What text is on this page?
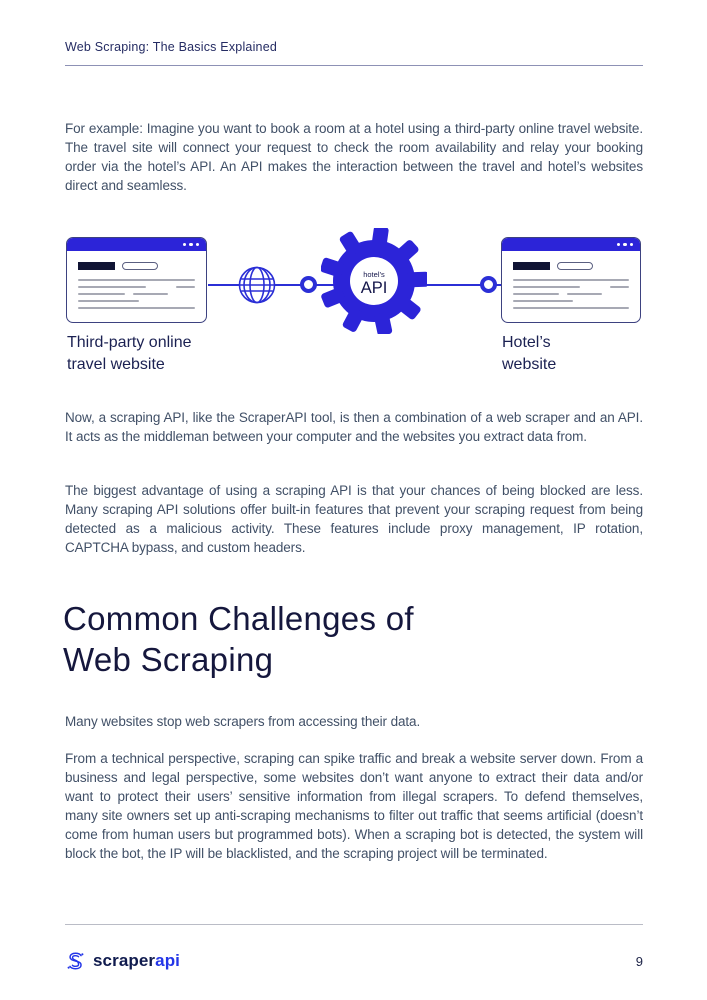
Web Scraping: The Basics Explained

For example: Imagine you want to book a room at a hotel using a third-party online travel website. The travel site will connect your request to check the room availability and relay your booking order via the hotel’s API. An API makes the interaction between the travel and hotel’s websites direct and seamless.

hotel’s
API
Third-party online
travel website
Hotel’s
website

Now, a scraping API, like the ScraperAPI tool, is then a combination of a web scraper and an API. It acts as the middleman between your computer and the websites you extract data from.

The biggest advantage of using a scraping API is that your chances of being blocked are less. Many scraping API solutions offer built-in features that prevent your scraping request from being detected as a malicious activity. These features include proxy management, IP rotation, CAPTCHA bypass, and custom headers.

Common Challenges of
Web Scraping

Many websites stop web scrapers from accessing their data.

From a technical perspective, scraping can spike traffic and break a website server down. From a business and legal perspective, some websites don’t want anyone to extract their data and/or want to protect their users’ sensitive information from illegal scrapers. To defend themselves, many site owners set up anti-scraping mechanisms to filter out traffic that seems artificial (doesn’t come from human users but programmed bots). When a scraping bot is detected, the system will block the bot, the IP will be blacklisted, and the scraping project will be terminated.

scraperapi	9
